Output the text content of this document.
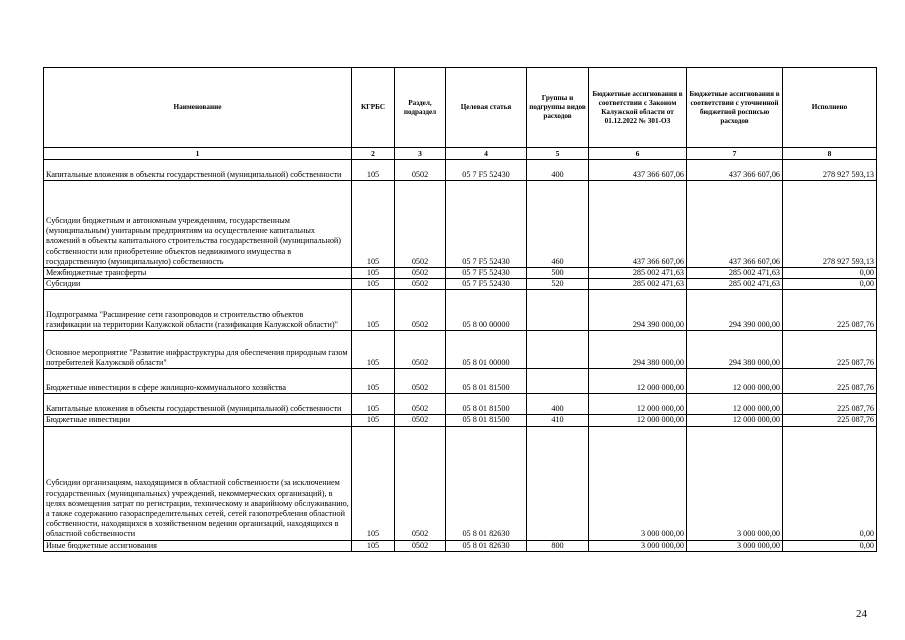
Наименование	КГРБС	Раздел, подраздел	Целевая статья	Группы и подгруппы видов расходов	Бюджетные ассигнования в соответствии с Законом Калужской области от 01.12.2022 № 301-ОЗ	Бюджетные ассигнования в соответствии с уточненной бюджетной росписью расходов	Исполнено
1	2	3	4	5	6	7	8
Капитальные вложения в объекты государственной (муниципальной) собственности	105	0502	05 7 F5 52430	400	437 366 607,06	437 366 607,06	278 927 593,13
Субсидии бюджетным и автономным учреждениям, государственным (муниципальным) унитарным предприятиям на осуществление капитальных вложений в объекты капитального строительства государственной (муниципальной) собственности или приобретение объектов недвижимого имущества в государственную (муниципальную) собственность	105	0502	05 7 F5 52430	460	437 366 607,06	437 366 607,06	278 927 593,13
Межбюджетные трансферты	105	0502	05 7 F5 52430	500	285 002 471,63	285 002 471,63	0,00
Субсидии	105	0502	05 7 F5 52430	520	285 002 471,63	285 002 471,63	0,00
Подпрограмма "Расширение сети газопроводов и строительство объектов газификации на территории Калужской области (газификация Калужской области)"	105	0502	05 8 00 00000		294 390 000,00	294 390 000,00	225 087,76
Основное мероприятие "Развитие инфраструктуры для обеспечения природным газом потребителей Калужской области"	105	0502	05 8 01 00000		294 380 000,00	294 380 000,00	225 087,76
Бюджетные инвестиции в сфере жилищно-коммунального хозяйства	105	0502	05 8 01 81500		12 000 000,00	12 000 000,00	225 087,76
Капитальные вложения в объекты государственной (муниципальной) собственности	105	0502	05 8 01 81500	400	12 000 000,00	12 000 000,00	225 087,76
Бюджетные инвестиции	105	0502	05 8 01 81500	410	12 000 000,00	12 000 000,00	225 087,76
Субсидии организациям, находящимся в областной собственности (за исключением государственных (муниципальных) учреждений, некоммерческих организаций), в целях возмещения затрат по регистрации, техническому и аварийному обслуживанию, а также содержанию газораспределительных сетей, сетей газопотребления областной собственности, находящихся в хозяйственном ведении организаций, находящихся в областной собственности	105	0502	05 8 01 82630		3 000 000,00	3 000 000,00	0,00
Иные бюджетные ассигнования	105	0502	05 8 01 82630	800	3 000 000,00	3 000 000,00	0,00
24
